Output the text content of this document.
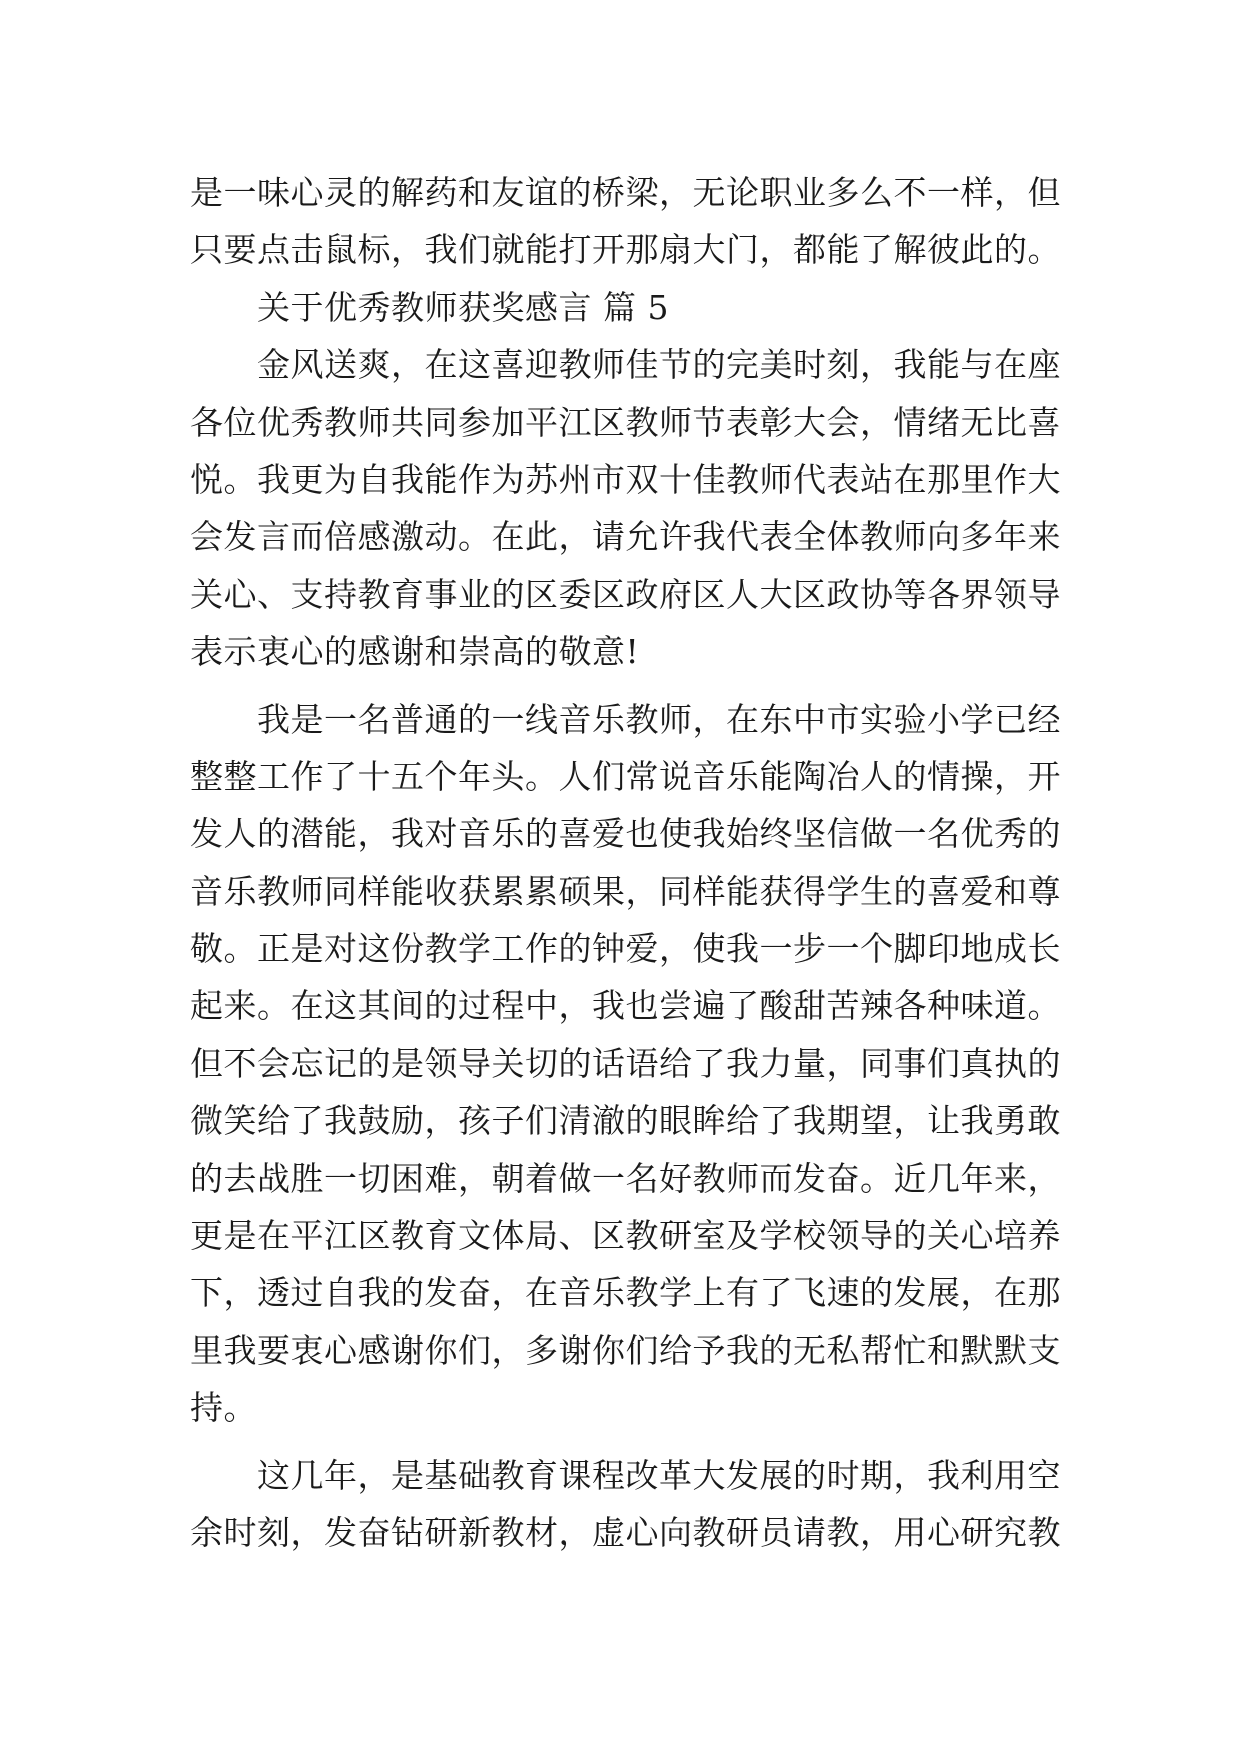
是一味心灵的解药和友谊的桥梁，无论职业多么不一样，但
只要点击鼠标，我们就能打开那扇大门，都能了解彼此的。
关于优秀教师获奖感言 篇 5
金风送爽，在这喜迎教师佳节的完美时刻，我能与在座
各位优秀教师共同参加平江区教师节表彰大会，情绪无比喜
悦。我更为自我能作为苏州市双十佳教师代表站在那里作大
会发言而倍感激动。在此，请允许我代表全体教师向多年来
关心、支持教育事业的区委区政府区人大区政协等各界领导
表示衷心的感谢和崇高的敬意!
我是一名普通的一线音乐教师，在东中市实验小学已经
整整工作了十五个年头。人们常说音乐能陶冶人的情操，开
发人的潜能，我对音乐的喜爱也使我始终坚信做一名优秀的
音乐教师同样能收获累累硕果，同样能获得学生的喜爱和尊
敬。正是对这份教学工作的钟爱，使我一步一个脚印地成长
起来。在这其间的过程中，我也尝遍了酸甜苦辣各种味道。
但不会忘记的是领导关切的话语给了我力量，同事们真执的
微笑给了我鼓励，孩子们清澈的眼眸给了我期望，让我勇敢
的去战胜一切困难，朝着做一名好教师而发奋。近几年来，
更是在平江区教育文体局、区教研室及学校领导的关心培养
下，透过自我的发奋，在音乐教学上有了飞速的发展，在那
里我要衷心感谢你们，多谢你们给予我的无私帮忙和默默支
持。
这几年，是基础教育课程改革大发展的时期，我利用空
余时刻，发奋钻研新教材，虚心向教研员请教，用心研究教
